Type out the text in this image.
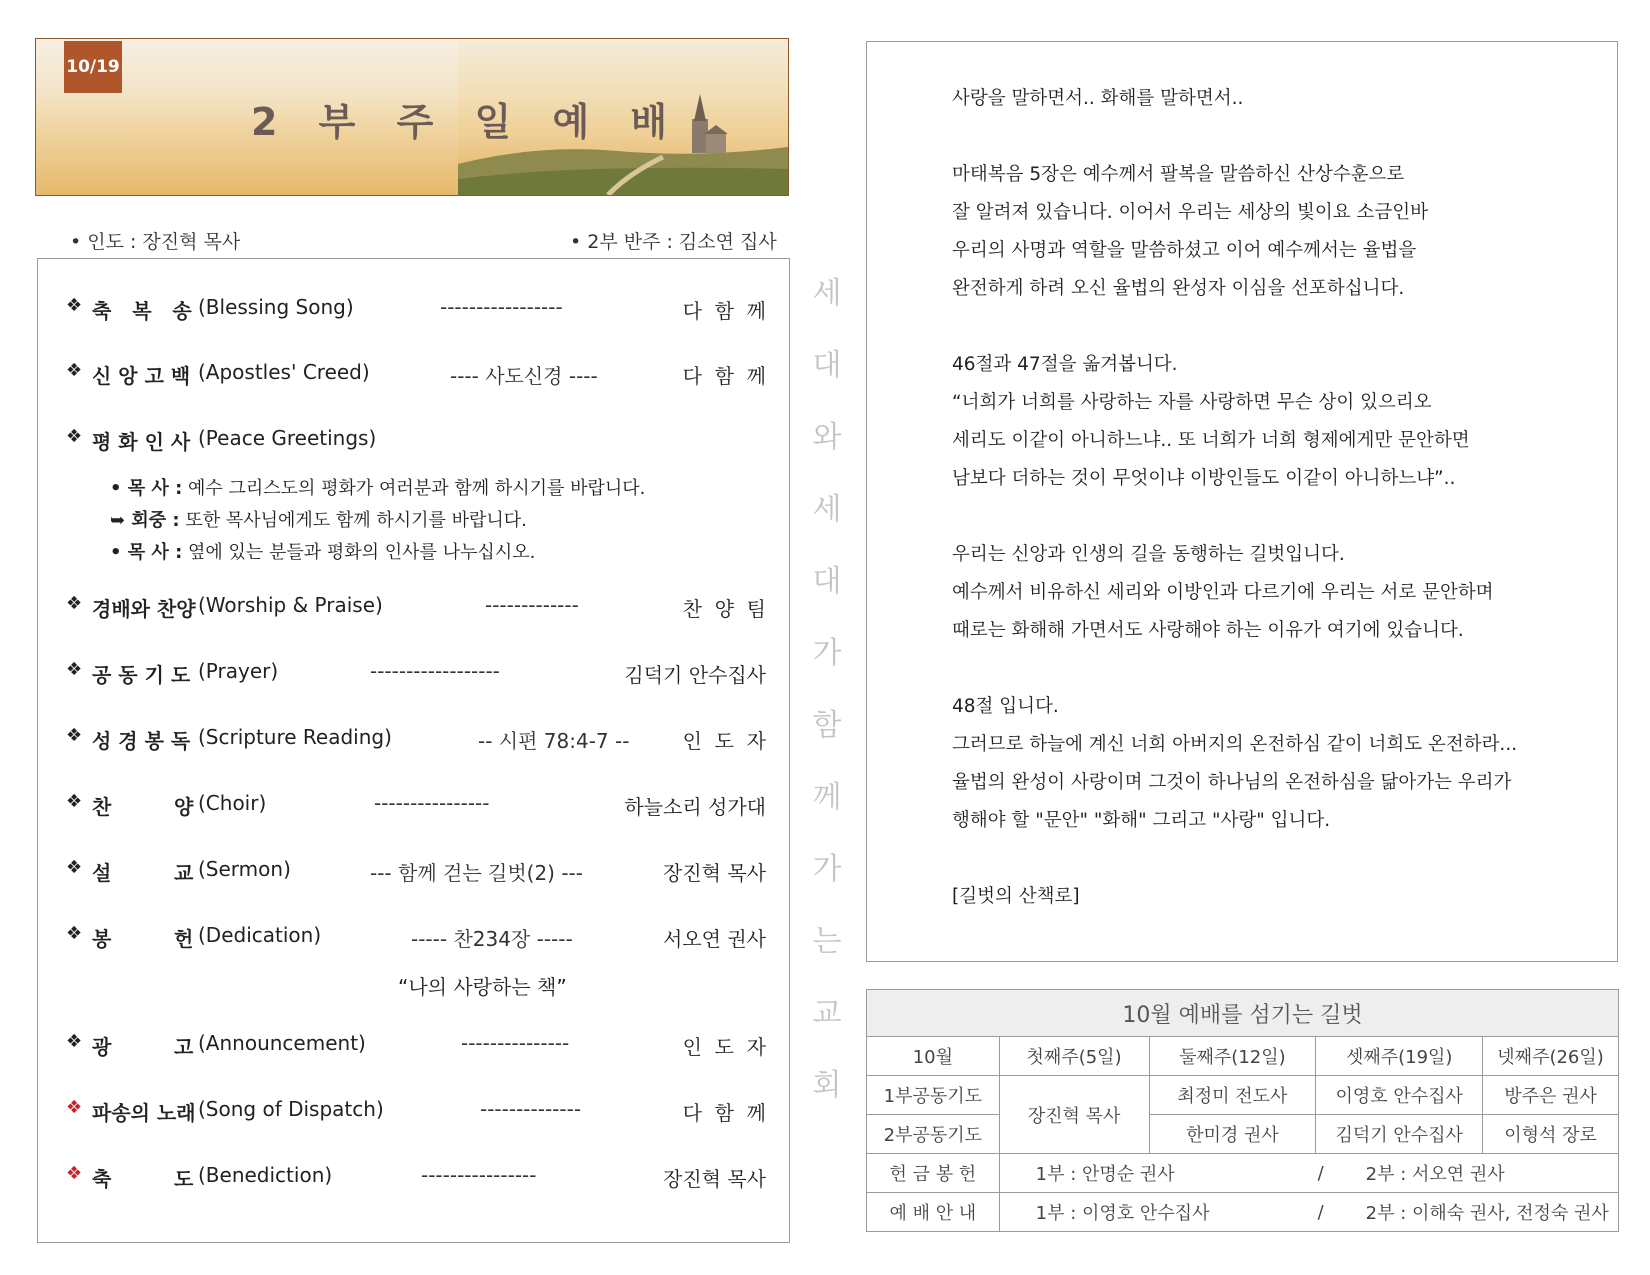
10/19
2 부 주 일 예 배
• 인도 : 장진혁 목사	• 2부 반주 : 김소연 집사
❖ 축   복   송 (Blessing Song)	-----------------	다  함  께
❖ 신 앙 고 백 (Apostles' Creed)	---- 사도신경 ----	다  함  께
❖ 평 화 인 사 (Peace Greetings)
• 목 사 : 예수 그리스도의 평화가 여러분과 함께 하시기를 바랍니다.
➥ 회중 : 또한 목사님에게도 함께 하시기를 바랍니다.
• 목 사 : 옆에 있는 분들과 평화의 인사를 나누십시오.
❖ 경배와 찬양 (Worship & Praise)	-------------	찬  양  팀
❖ 공 동 기 도 (Prayer)	------------------	김덕기 안수집사
❖ 성 경 봉 독 (Scripture Reading)	-- 시편 78:4-7 --	인  도  자
❖ 찬         양 (Choir)	----------------	하늘소리 성가대
❖ 설         교 (Sermon)	--- 함께 걷는 길벗(2) ---	장진혁 목사
❖ 봉         헌 (Dedication)	----- 찬234장 -----	서오연 권사
“나의 사랑하는 책”
❖ 광         고 (Announcement)	---------------	인  도  자
❖ 파송의 노래 (Song of Dispatch)	--------------	다  함  께
❖ 축         도 (Benediction)	----------------	장진혁 목사
세
대
와
세
대
가
함
께
가
는
교
회
사랑을 말하면서.. 화해를 말하면서..
마태복음 5장은 예수께서 팔복을 말씀하신 산상수훈으로
잘 알려져 있습니다. 이어서 우리는 세상의 빛이요 소금인바
우리의 사명과 역할을 말씀하셨고 이어 예수께서는 율법을
완전하게 하려 오신 율법의 완성자 이심을 선포하십니다.
46절과 47절을 옮겨봅니다.
“너희가 너희를 사랑하는 자를 사랑하면 무슨 상이 있으리오
세리도 이같이 아니하느냐.. 또 너희가 너희 형제에게만 문안하면
남보다 더하는 것이 무엇이냐 이방인들도 이같이 아니하느냐”..
우리는 신앙과 인생의 길을 동행하는 길벗입니다.
예수께서 비유하신 세리와 이방인과 다르기에 우리는 서로 문안하며
때로는 화해해 가면서도 사랑해야 하는 이유가 여기에 있습니다.
48절 입니다.
그러므로 하늘에 계신 너희 아버지의 온전하심 같이 너희도 온전하라...
율법의 완성이 사랑이며 그것이 하나님의 온전하심을 닮아가는 우리가
행해야 할 "문안" "화해" 그리고 "사랑" 입니다.
[길벗의 산책로]
10월 예배를 섬기는 길벗				
10월	첫째주(5일)	둘째주(12일)	셋째주(19일)	넷째주(26일)
1부공동기도	장진혁 목사	최정미 전도사	이영호 안수집사	방주은 권사
2부공동기도		한미경 권사	김덕기 안수집사	이형석 장로
헌 금 봉 헌	1부 : 안명순 권사 / 2부 : 서오연 권사			

예 배 안 내	1부 : 이영호 안수집사 / 2부 : 이해숙 권사, 전정숙 권사			
